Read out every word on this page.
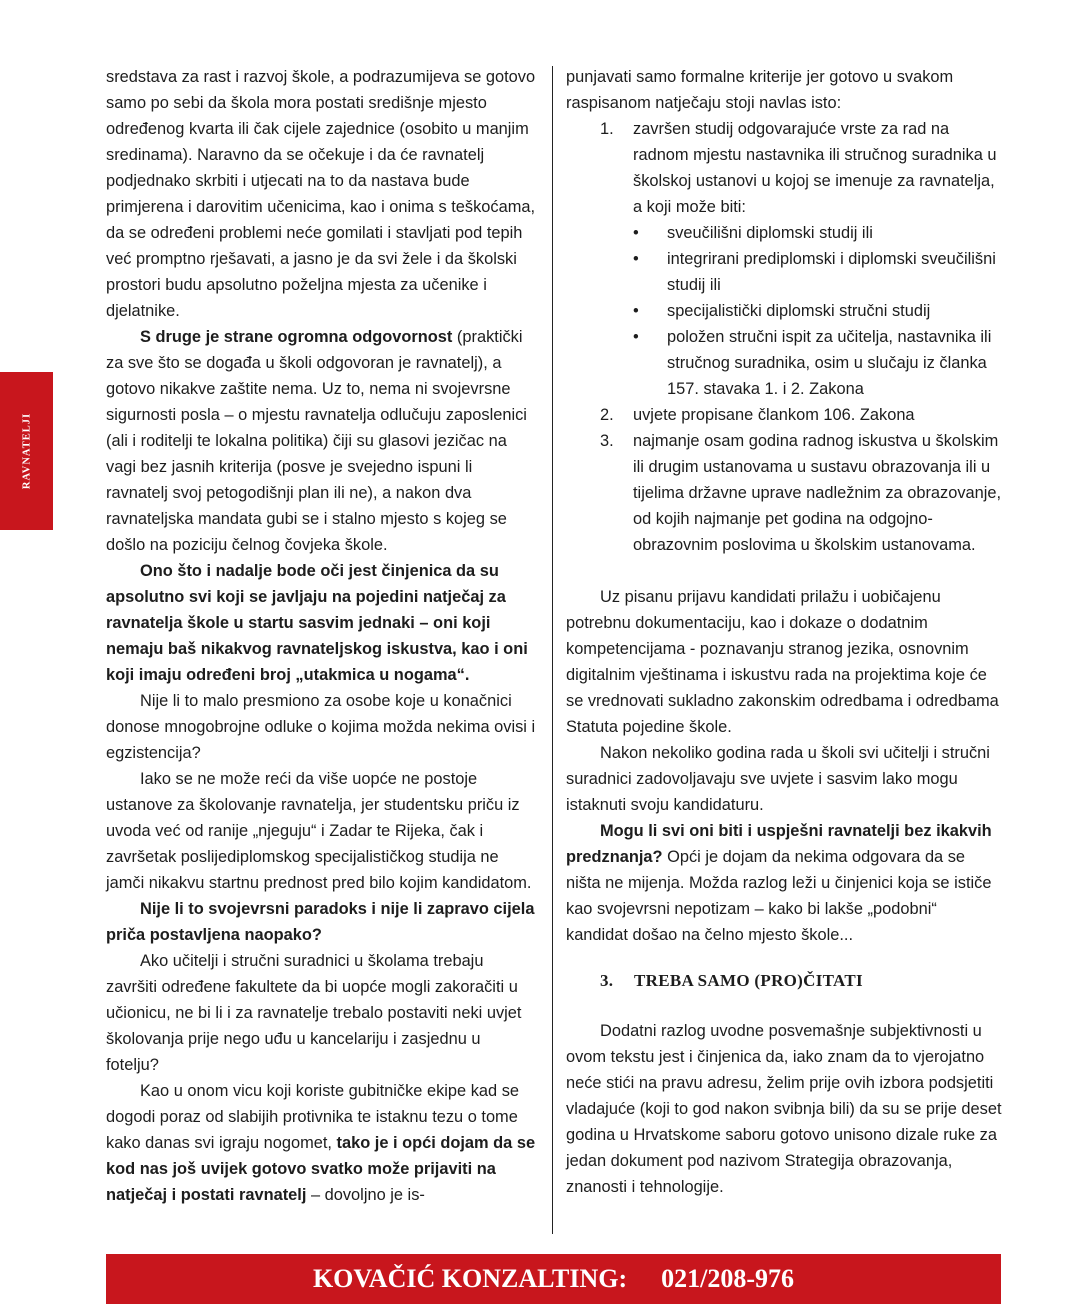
RAVNATELJI

sredstava za rast i razvoj škole, a podrazumijeva se gotovo samo po sebi da škola mora postati središnje mjesto određenog kvarta ili čak cijele zajednice (osobito u manjim sredinama). Naravno da se očekuje i da će ravnatelj podjednako skrbiti i utjecati na to da nastava bude primjerena i darovitim učenicima, kao i onima s teškoćama, da se određeni problemi neće gomilati i stavljati pod tepih već promptno rješavati, a jasno je da svi žele i da školski prostori budu apsolutno poželjna mjesta za učenike i djelatnike.

S druge je strane ogromna odgovornost (praktički za sve što se događa u školi odgovoran je ravnatelj), a gotovo nikakve zaštite nema. Uz to, nema ni svojevrsne sigurnosti posla – o mjestu ravnatelja odlučuju zaposlenici (ali i roditelji te lokalna politika) čiji su glasovi jezičac na vagi bez jasnih kriterija (posve je svejedno ispuni li ravnatelj svoj petogodišnji plan ili ne), a nakon dva ravnateljska mandata gubi se i stalno mjesto s kojeg se došlo na poziciju čelnog čovjeka škole.

Ono što i nadalje bode oči jest činjenica da su apsolutno svi koji se javljaju na pojedini natječaj za ravnatelja škole u startu sasvim jednaki – oni koji nemaju baš nikakvog ravnateljskog iskustva, kao i oni koji imaju određeni broj „utakmica u nogama“.

Nije li to malo presmiono za osobe koje u konačnici donose mnogobrojne odluke o kojima možda nekima ovisi i egzistencija?

Iako se ne može reći da više uopće ne postoje ustanove za školovanje ravnatelja, jer studentsku priču iz uvoda već od ranije „njeguju“ i Zadar te Rijeka, čak i završetak poslijediplomskog specijalističkog studija ne jamči nikakvu startnu prednost pred bilo kojim kandidatom.

Nije li to svojevrsni paradoks i nije li zapravo cijela priča postavljena naopako?

Ako učitelji i stručni suradnici u školama trebaju završiti određene fakultete da bi uopće mogli zakoračiti u učionicu, ne bi li i za ravnatelje trebalo postaviti neki uvjet školovanja prije nego uđu u kancelariju i zasjednu u fotelju?

Kao u onom vicu koji koriste gubitničke ekipe kad se dogodi poraz od slabijih protivnika te istaknu tezu o tome kako danas svi igraju nogomet, tako je i opći dojam da se kod nas još uvijek gotovo svatko može prijaviti na natječaj i postati ravnatelj – dovoljno je is-

punjavati samo formalne kriterije jer gotovo u svakom raspisanom natječaju stoji navlas isto:

1. završen studij odgovarajuće vrste za rad na radnom mjestu nastavnika ili stručnog suradnika u školskoj ustanovi u kojoj se imenuje za ravnatelja, a koji može biti:
• sveučilišni diplomski studij ili
• integrirani prediplomski i diplomski sveučilišni studij ili
• specijalistički diplomski stručni studij
• položen stručni ispit za učitelja, nastavnika ili stručnog suradnika, osim u slučaju iz članka 157. stavaka 1. i 2. Zakona
2. uvjete propisane člankom 106. Zakona
3. najmanje osam godina radnog iskustva u školskim ili drugim ustanovama u sustavu obrazovanja ili u tijelima državne uprave nadležnim za obrazovanje, od kojih najmanje pet godina na odgojno-obrazovnim poslovima u školskim ustanovama.

Uz pisanu prijavu kandidati prilažu i uobičajenu potrebnu dokumentaciju, kao i dokaze o dodatnim kompetencijama - poznavanju stranog jezika, osnovnim digitalnim vještinama i iskustvu rada na projektima koje će se vrednovati sukladno zakonskim odredbama i odredbama Statuta pojedine škole.

Nakon nekoliko godina rada u školi svi učitelji i stručni suradnici zadovoljavaju sve uvjete i sasvim lako mogu istaknuti svoju kandidaturu.

Mogu li svi oni biti i uspješni ravnatelji bez ikakvih predznanja? Opći je dojam da nekima odgovara da se ništa ne mijenja. Možda razlog leži u činjenici koja se ističe kao svojevrsni nepotizam – kako bi lakše „podobni“ kandidat došao na čelno mjesto škole...

3. TREBA SAMO (PRO)ČITATI

Dodatni razlog uvodne posvemašnje subjektivnosti u ovom tekstu jest i činjenica da, iako znam da to vjerojatno neće stići na pravu adresu, želim prije ovih izbora podsjetiti vladajuće (koji to god nakon svibnja bili) da su se prije deset godina u Hrvatskome saboru gotovo unisono dizale ruke za jedan dokument pod nazivom Strategija obrazovanja, znanosti i tehnologije.

KOVAČIĆ KONZALTING: 021/208-976
